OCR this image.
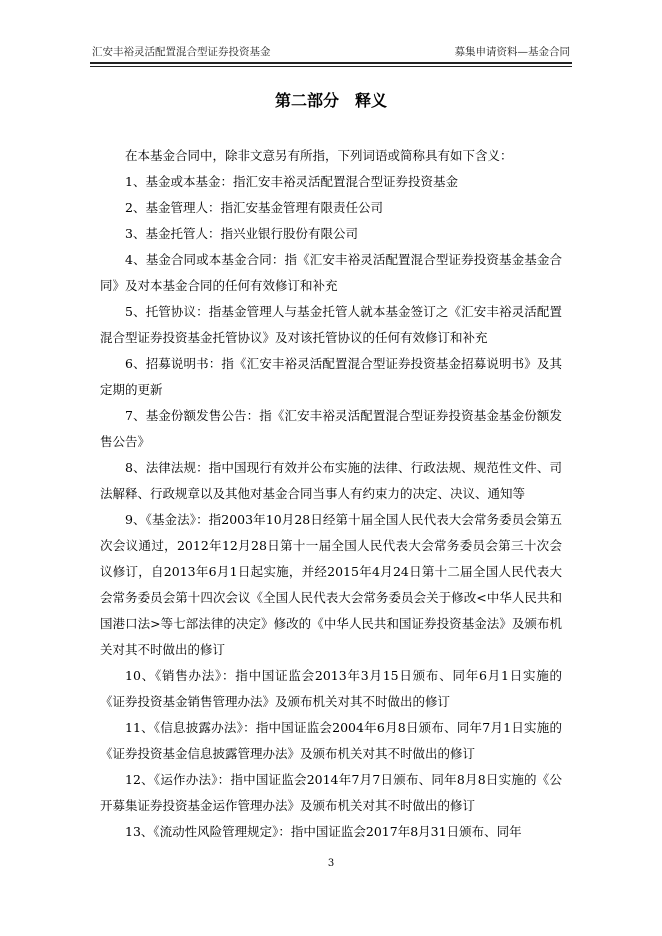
汇安丰裕灵活配置混合型证券投资基金	募集申请资料—基金合同
第二部分　释义

在本基金合同中，除非文意另有所指，下列词语或简称具有如下含义：

1、基金或本基金：指汇安丰裕灵活配置混合型证券投资基金

2、基金管理人：指汇安基金管理有限责任公司

3、基金托管人：指兴业银行股份有限公司

4、基金合同或本基金合同：指《汇安丰裕灵活配置混合型证券投资基金基金合同》及对本基金合同的任何有效修订和补充

5、托管协议：指基金管理人与基金托管人就本基金签订之《汇安丰裕灵活配置混合型证券投资基金托管协议》及对该托管协议的任何有效修订和补充

6、招募说明书：指《汇安丰裕灵活配置混合型证券投资基金招募说明书》及其定期的更新

7、基金份额发售公告：指《汇安丰裕灵活配置混合型证券投资基金基金份额发售公告》

8、法律法规：指中国现行有效并公布实施的法律、行政法规、规范性文件、司法解释、行政规章以及其他对基金合同当事人有约束力的决定、决议、通知等

9、《基金法》：指2003年10月28日经第十届全国人民代表大会常务委员会第五次会议通过，2012年12月28日第十一届全国人民代表大会常务委员会第三十次会议修订，自2013年6月1日起实施，并经2015年4月24日第十二届全国人民代表大会常务委员会第十四次会议《全国人民代表大会常务委员会关于修改<中华人民共和国港口法>等七部法律的决定》修改的《中华人民共和国证券投资基金法》及颁布机关对其不时做出的修订

10、《销售办法》：指中国证监会2013年3月15日颁布、同年6月1日实施的《证券投资基金销售管理办法》及颁布机关对其不时做出的修订

11、《信息披露办法》：指中国证监会2004年6月8日颁布、同年7月1日实施的《证券投资基金信息披露管理办法》及颁布机关对其不时做出的修订

12、《运作办法》：指中国证监会2014年7月7日颁布、同年8月8日实施的《公开募集证券投资基金运作管理办法》及颁布机关对其不时做出的修订

13、《流动性风险管理规定》：指中国证监会2017年8月31日颁布、同年

3
